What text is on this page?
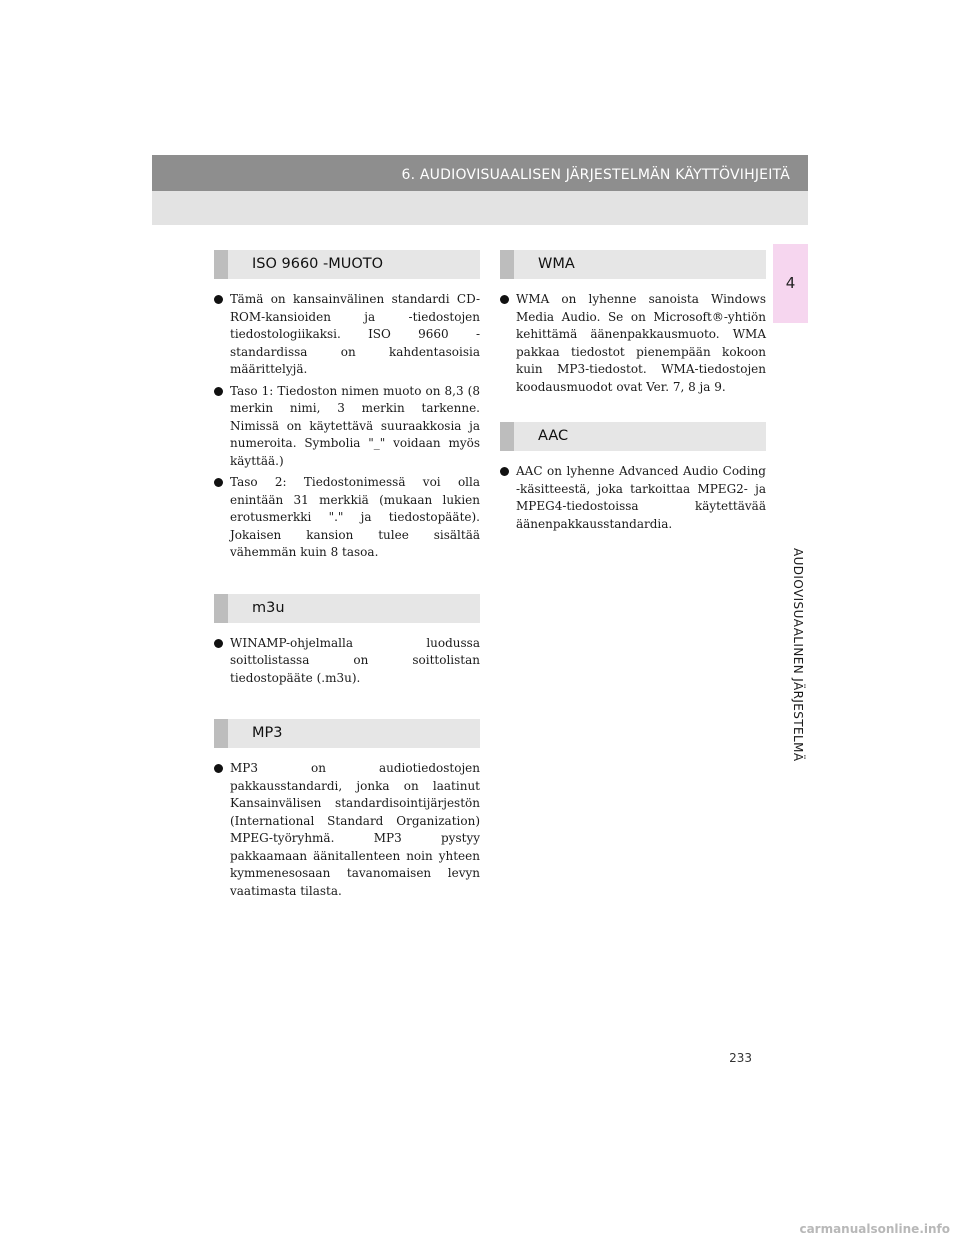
6. AUDIOVISUAALISEN JÄRJESTELMÄN KÄYTTÖVIHJEITÄ
4
AUDIOVISUAALINEN JÄRJESTELMÄ
ISO 9660 -MUOTO
Tämä on kansainvälinen standardi CD-ROM-kansioiden ja -tiedostojen tiedostologiikaksi. ISO 9660 -standardissa on kahdentasoisia määrittelyjä.
Taso 1: Tiedoston nimen muoto on 8,3 (8 merkin nimi, 3 merkin tarkenne. Nimissä on käytettävä suuraakkosia ja numeroita. Symbolia "_" voidaan myös käyttää.)
Taso 2: Tiedostonimessä voi olla enintään 31 merkkiä (mukaan lukien erotusmerkki "." ja tiedostopääte). Jokaisen kansion tulee sisältää vähemmän kuin 8 tasoa.
m3u
WINAMP-ohjelmalla luodussa soittolistassa on soittolistan tiedostopääte (.m3u).
MP3
MP3 on audiotiedostojen pakkausstandardi, jonka on laatinut Kansainvälisen standardisointijärjestön (International Standard Organization) MPEG-työryhmä. MP3 pystyy pakkaamaan äänitallenteen noin yhteen kymmenesosaan tavanomaisen levyn vaatimasta tilasta.
WMA
WMA on lyhenne sanoista Windows Media Audio. Se on Microsoft®-yhtiön kehittämä äänenpakkausmuoto. WMA pakkaa tiedostot pienempään kokoon kuin MP3-tiedostot. WMA-tiedostojen koodausmuodot ovat Ver. 7, 8 ja 9.
AAC
AAC on lyhenne Advanced Audio Coding -käsitteestä, joka tarkoittaa MPEG2- ja MPEG4-tiedostoissa käytettävää äänenpakkausstandardia.
233
carmanualsonline.info
